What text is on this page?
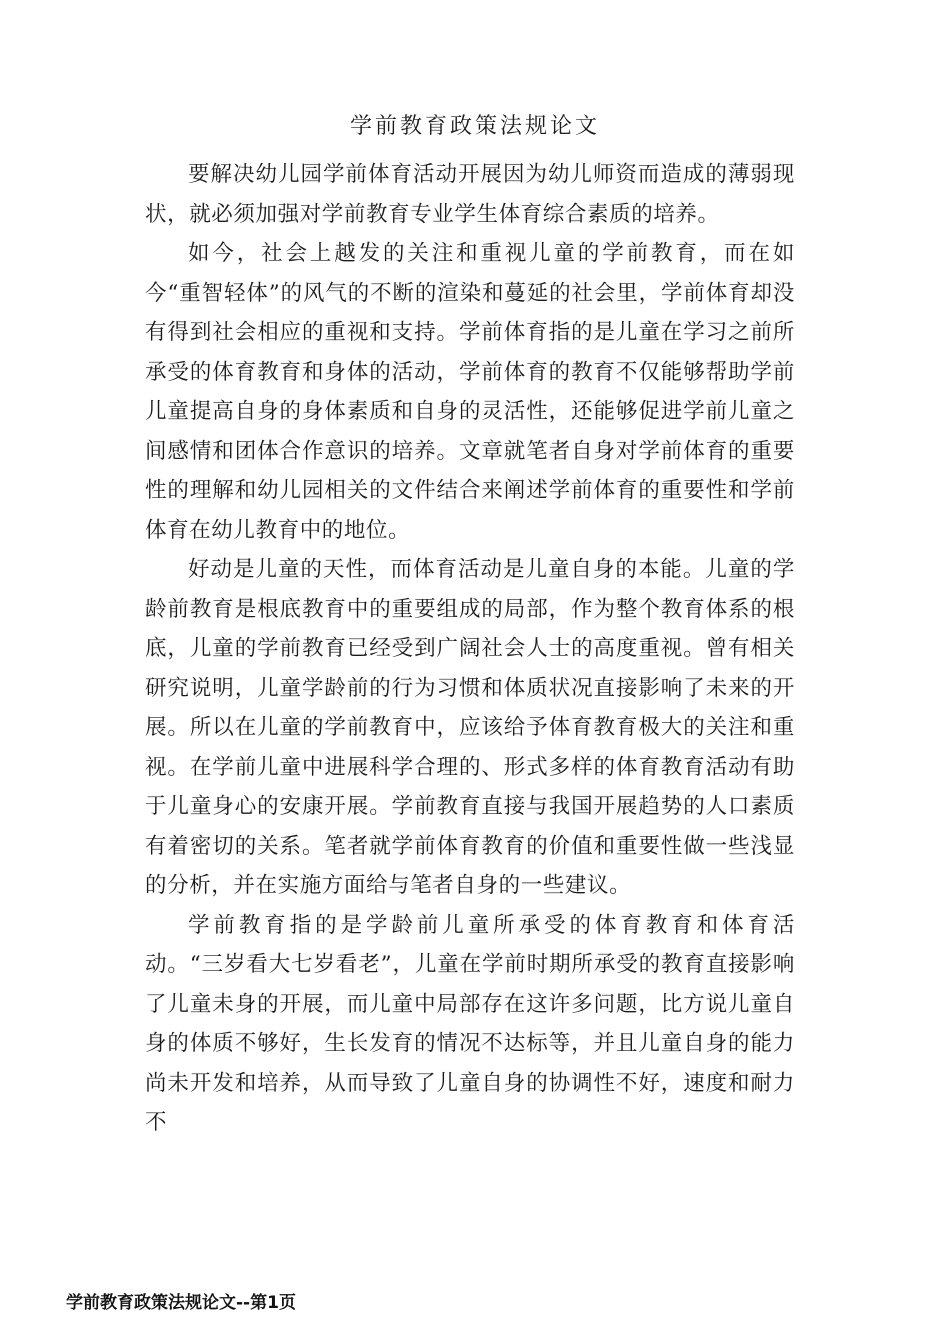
学前教育政策法规论文

要解决幼儿园学前体育活动开展因为幼儿师资而造成的薄弱现状，就必须加强对学前教育专业学生体育综合素质的培养。

如今，社会上越发的关注和重视儿童的学前教育，而在如今“重智轻体”的风气的不断的渲染和蔓延的社会里，学前体育却没有得到社会相应的重视和支持。学前体育指的是儿童在学习之前所承受的体育教育和身体的活动，学前体育的教育不仅能够帮助学前儿童提高自身的身体素质和自身的灵活性，还能够促进学前儿童之间感情和团体合作意识的培养。文章就笔者自身对学前体育的重要性的理解和幼儿园相关的文件结合来阐述学前体育的重要性和学前体育在幼儿教育中的地位。

好动是儿童的天性，而体育活动是儿童自身的本能。儿童的学龄前教育是根底教育中的重要组成的局部，作为整个教育体系的根底，儿童的学前教育已经受到广阔社会人士的高度重视。曾有相关研究说明，儿童学龄前的行为习惯和体质状况直接影响了未来的开展。所以在儿童的学前教育中，应该给予体育教育极大的关注和重视。在学前儿童中进展科学合理的、形式多样的体育教育活动有助于儿童身心的安康开展。学前教育直接与我国开展趋势的人口素质有着密切的关系。笔者就学前体育教育的价值和重要性做一些浅显的分析，并在实施方面给与笔者自身的一些建议。

学前教育指的是学龄前儿童所承受的体育教育和体育活动。“三岁看大七岁看老”，儿童在学前时期所承受的教育直接影响了儿童未身的开展，而儿童中局部存在这许多问题，比方说儿童自身的体质不够好，生长发育的情况不达标等，并且儿童自身的能力尚未开发和培养，从而导致了儿童自身的协调性不好，速度和耐力不

学前教育政策法规论文--第1页
